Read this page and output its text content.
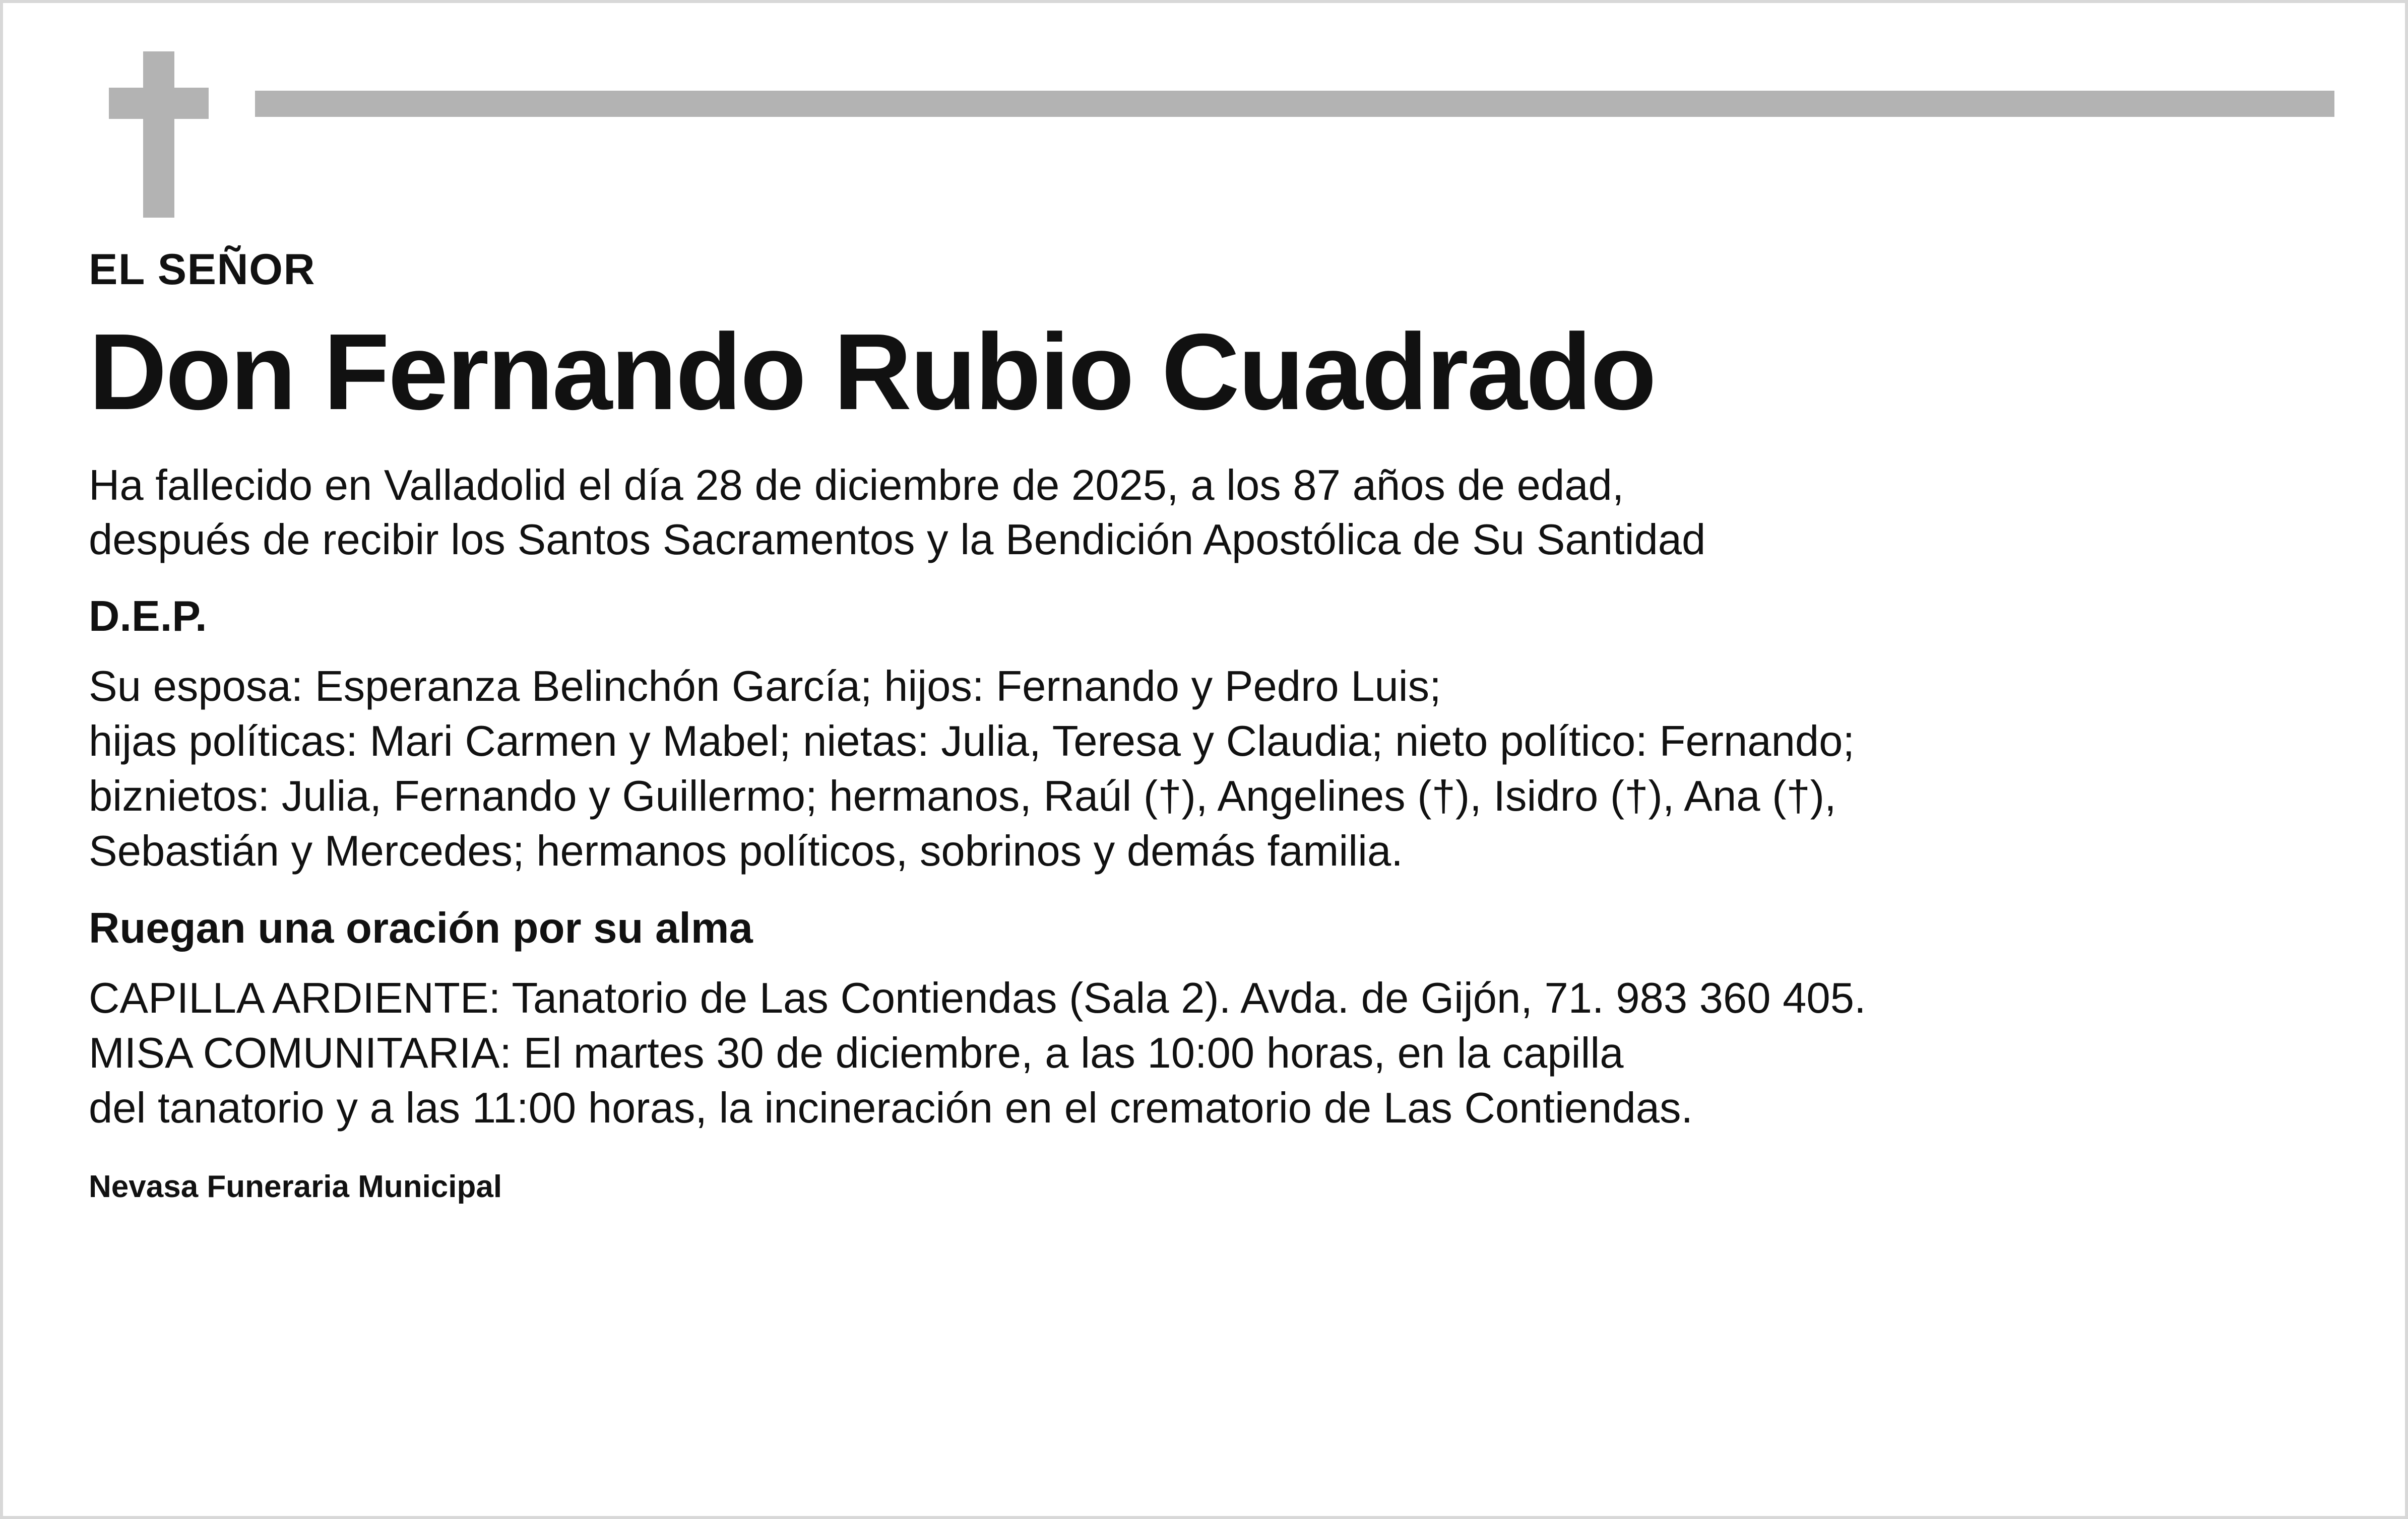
EL SEÑOR
Don Fernando Rubio Cuadrado
Ha fallecido en Valladolid el día 28 de diciembre de 2025, a los 87 años de edad,
después de recibir los Santos Sacramentos y la Bendición Apostólica de Su Santidad
D.E.P.
Su esposa: Esperanza Belinchón García; hijos: Fernando y Pedro Luis;
hijas políticas: Mari Carmen y Mabel; nietas: Julia, Teresa y Claudia; nieto político: Fernando;
biznietos: Julia, Fernando y Guillermo; hermanos, Raúl (†), Angelines (†), Isidro (†), Ana (†),
Sebastián y Mercedes; hermanos políticos, sobrinos y demás familia.
Ruegan una oración por su alma
CAPILLA ARDIENTE: Tanatorio de Las Contiendas (Sala 2). Avda. de Gijón, 71. 983 360 405.
MISA COMUNITARIA: El martes 30 de diciembre, a las 10:00 horas, en la capilla
del tanatorio y a las 11:00 horas, la incineración en el crematorio de Las Contiendas.
Nevasa Funeraria Municipal
